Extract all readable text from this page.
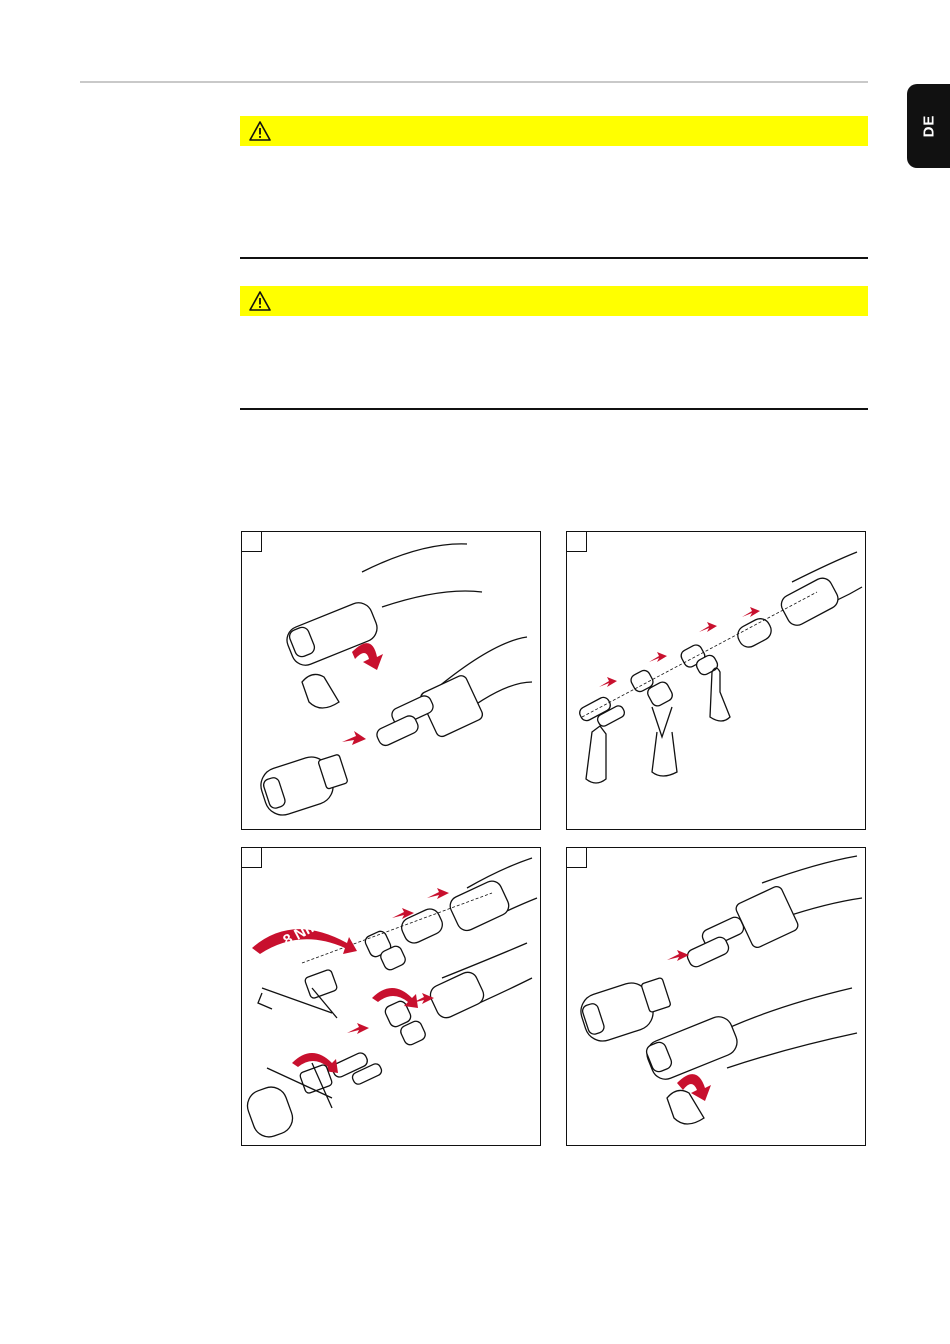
DE
8 Nm
